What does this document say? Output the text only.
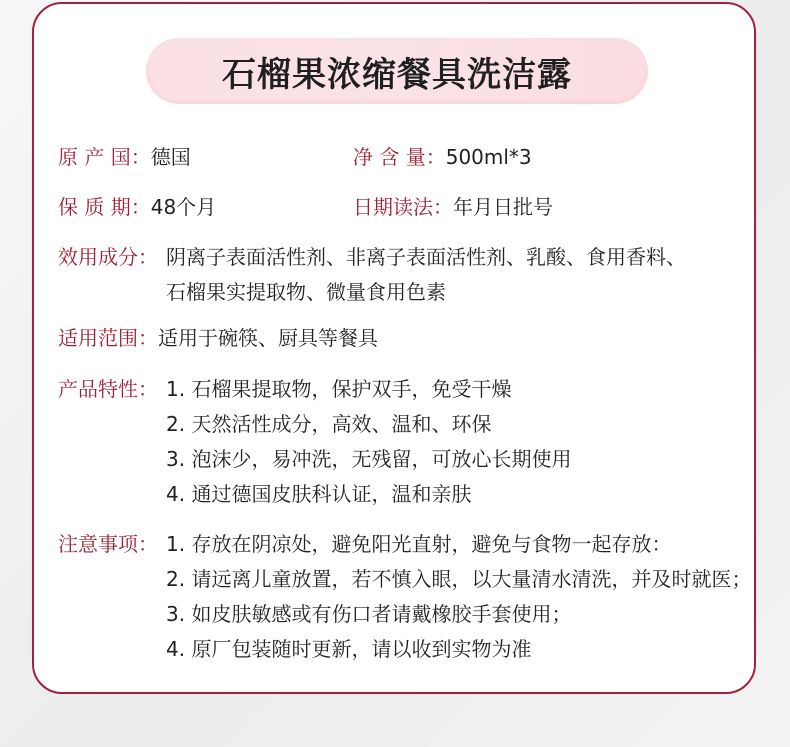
石榴果浓缩餐具洗洁露
原 产 国：德国	净 含 量：500ml*3
保 质 期：48个月	日期读法：年月日批号
效用成分： 阴离子表面活性剂、非离子表面活性剂、乳酸、食用香料、
石榴果实提取物、微量食用色素
适用范围：适用于碗筷、厨具等餐具
产品特性： 1. 石榴果提取物，保护双手，免受干燥
2. 天然活性成分，高效、温和、环保
3. 泡沫少，易冲洗，无残留，可放心长期使用
4. 通过德国皮肤科认证，温和亲肤
注意事项： 1. 存放在阴凉处，避免阳光直射，避免与食物一起存放：
2. 请远离儿童放置，若不慎入眼，以大量清水清洗，并及时就医；
3. 如皮肤敏感或有伤口者请戴橡胶手套使用；
4. 原厂包装随时更新，请以收到实物为准
